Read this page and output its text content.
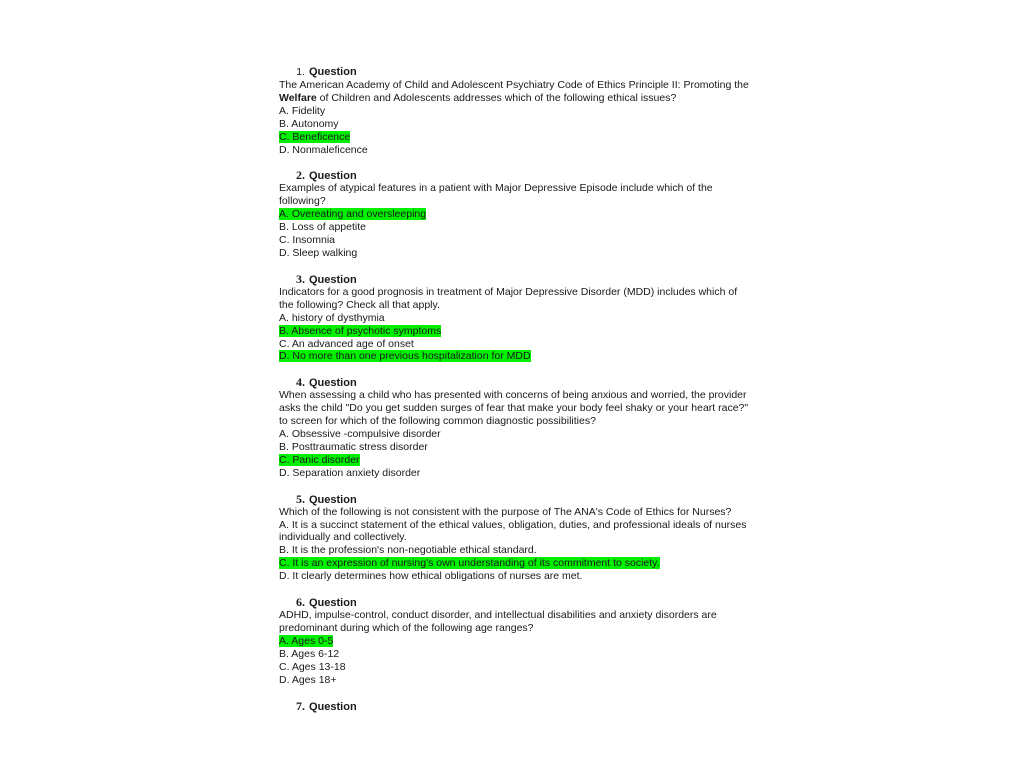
1. Question

The American Academy of Child and Adolescent Psychiatry Code of Ethics Principle II: Promoting the Welfare of Children and Adolescents addresses which of the following ethical issues?

A. Fidelity
B. Autonomy
C. Beneficence
D. Nonmaleficence
2. Question

Examples of atypical features in a patient with Major Depressive Episode include which of the following?

A. Overeating and oversleeping
B. Loss of appetite
C. Insomnia
D. Sleep walking
3. Question

Indicators for a good prognosis in treatment of Major Depressive Disorder (MDD) includes which of the following? Check all that apply.

A. history of dysthymia
B. Absence of psychotic symptoms
C. An advanced age of onset
D. No more than one previous hospitalization for MDD
4. Question

When assessing a child who has presented with concerns of being anxious and worried, the provider asks the child "Do you get sudden surges of fear that make your body feel shaky or your heart race?" to screen for which of the following common diagnostic possibilities?

A. Obsessive -compulsive disorder
B. Posttraumatic stress disorder
C. Panic disorder
D. Separation anxiety disorder
5. Question

Which of the following is not consistent with the purpose of The ANA's Code of Ethics for Nurses?

A. It is a succinct statement of the ethical values, obligation, duties, and professional ideals of nurses individually and collectively.
B. It is the profession's non-negotiable ethical standard.
C. It is an expression of nursing's own understanding of its commitment to society.
D. It clearly determines how ethical obligations of nurses are met.
6. Question

ADHD, impulse-control, conduct disorder, and intellectual disabilities and anxiety disorders are predominant during which of the following age ranges?

A. Ages 0-5
B. Ages 6-12
C. Ages 13-18
D. Ages 18+
7. Question
